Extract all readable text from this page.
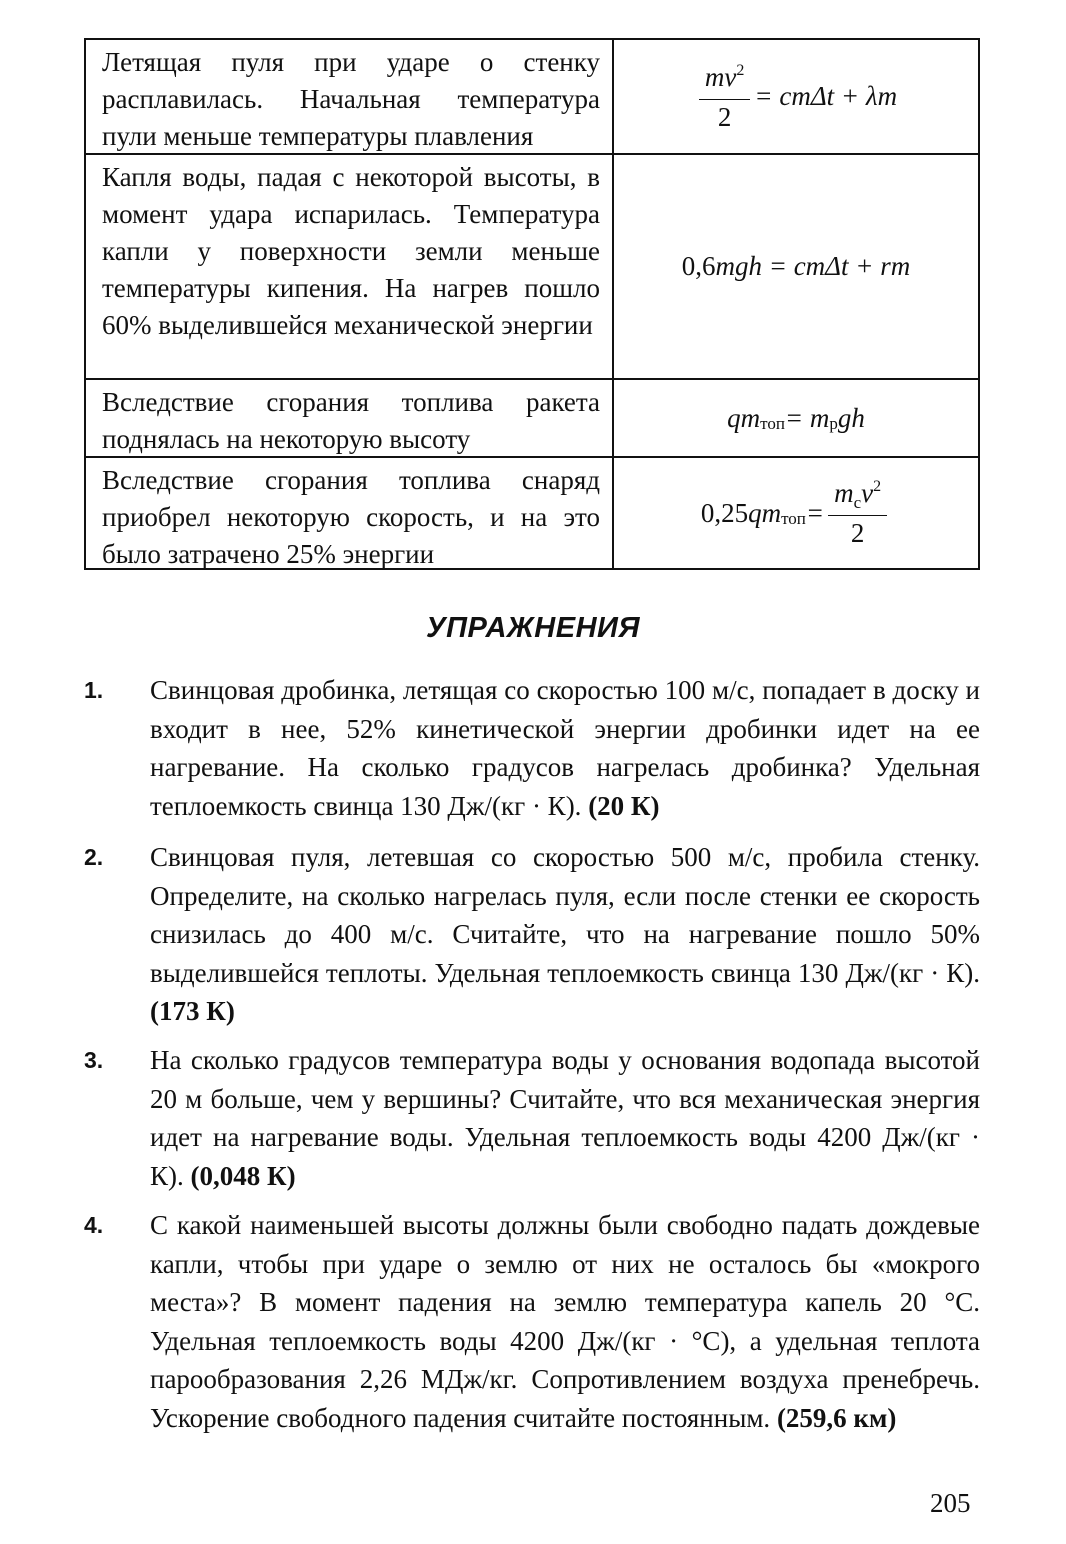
Летящая пуля при ударе о стенку расплавилась. Начальная температура пули меньше температуры плавления
$\frac{mv^2}{2} = cm\Delta t + \lambda m$
Капля воды, падая с некоторой высоты, в момент удара испарилась. Температура капли у поверхности земли меньше температуры кипения. На нагрев пошло 60% выделившейся механической энергии
0,6 mgh = cmΔt + rm
Вследствие сгорания топлива ракета поднялась на некоторую высоту
qm топ = m p gh
Вследствие сгорания топлива снаряд приобрел некоторую скорость, и на это было затрачено 25% энергии
0,25 qm топ = $\frac{m_cv^2}{2}$
УПРАЖНЕНИЯ
1. Свинцовая дробинка, летящая со скоростью 100 м/с, попадает в доску и входит в нее, 52% кинетической энергии дробинки идет на ее нагревание. На сколько градусов нагрелась дробинка? Удельная теплоемкость свинца 130 Дж/(кг · К). (20 К)
2. Свинцовая пуля, летевшая со скоростью 500 м/с, пробила стенку. Определите, на сколько нагрелась пуля, если после стенки ее скорость снизилась до 400 м/с. Считайте, что на нагревание пошло 50% выделившейся теплоты. Удельная теплоемкость свинца 130 Дж/(кг · К). (173 К)
3. На сколько градусов температура воды у основания водопада высотой 20 м больше, чем у вершины? Считайте, что вся механическая энергия идет на нагревание воды. Удельная теплоемкость воды 4200 Дж/(кг · К). (0,048 К)
4. С какой наименьшей высоты должны были свободно падать дождевые капли, чтобы при ударе о землю от них не осталось бы «мокрого места»? В момент падения на землю температура капель 20 °С. Удельная теплоемкость воды 4200 Дж/(кг · °С), а удельная теплота парообразования 2,26 МДж/кг. Сопротивлением воздуха пренебречь. Ускорение свободного падения считайте постоянным. (259,6 км)
205
